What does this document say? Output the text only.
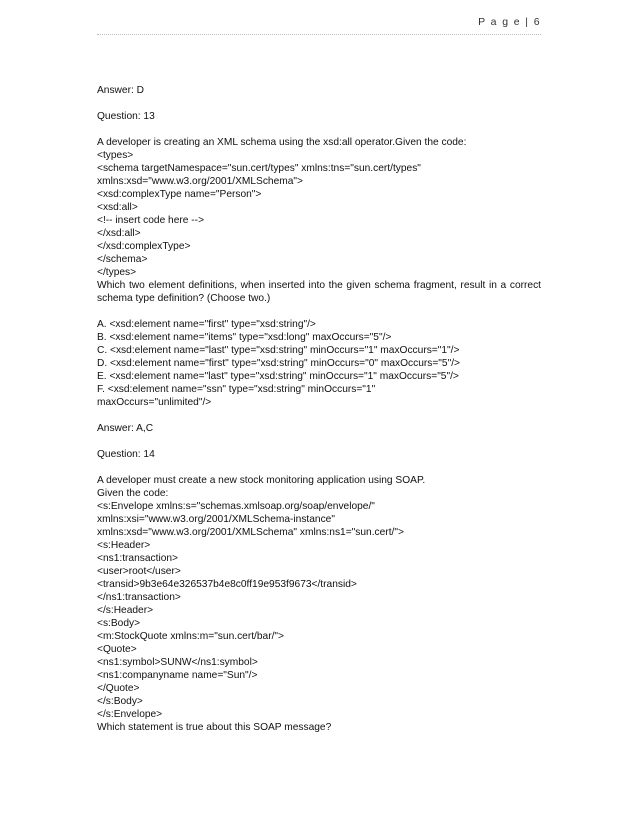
P a g e | 6
Answer: D
Question: 13
A developer is creating an XML schema using the xsd:all operator.Given the code:
<types>
<schema targetNamespace="sun.cert/types" xmlns:tns="sun.cert/types"
xmlns:xsd="www.w3.org/2001/XMLSchema">
<xsd:complexType name="Person">
<xsd:all>
<!-- insert code here -->
</xsd:all>
</xsd:complexType>
</schema>
</types>
Which two element definitions, when inserted into the given schema fragment, result in a correct
schema type definition? (Choose two.)
A. <xsd:element name="first" type="xsd:string"/>
B. <xsd:element name="items" type="xsd:long" maxOccurs="5"/>
C. <xsd:element name="last" type="xsd:string" minOccurs="1" maxOccurs="1"/>
D. <xsd:element name="first" type="xsd:string" minOccurs="0" maxOccurs="5"/>
E. <xsd:element name="last" type="xsd:string" minOccurs="1" maxOccurs="5"/>
F. <xsd:element name="ssn" type="xsd:string" minOccurs="1"
maxOccurs="unlimited"/>
Answer: A,C
Question: 14
A developer must create a new stock monitoring application using SOAP.
Given the code:
<s:Envelope xmlns:s="schemas.xmlsoap.org/soap/envelope/"
xmlns:xsi="www.w3.org/2001/XMLSchema-instance"
xmlns:xsd="www.w3.org/2001/XMLSchema" xmlns:ns1="sun.cert/">
<s:Header>
<ns1:transaction>
<user>root</user>
<transid>9b3e64e326537b4e8c0ff19e953f9673</transid>
</ns1:transaction>
</s:Header>
<s:Body>
<m:StockQuote xmlns:m="sun.cert/bar/">
<Quote>
<ns1:symbol>SUNW</ns1:symbol>
<ns1:companyname name="Sun"/>
</Quote>
</s:Body>
</s:Envelope>
Which statement is true about this SOAP message?
